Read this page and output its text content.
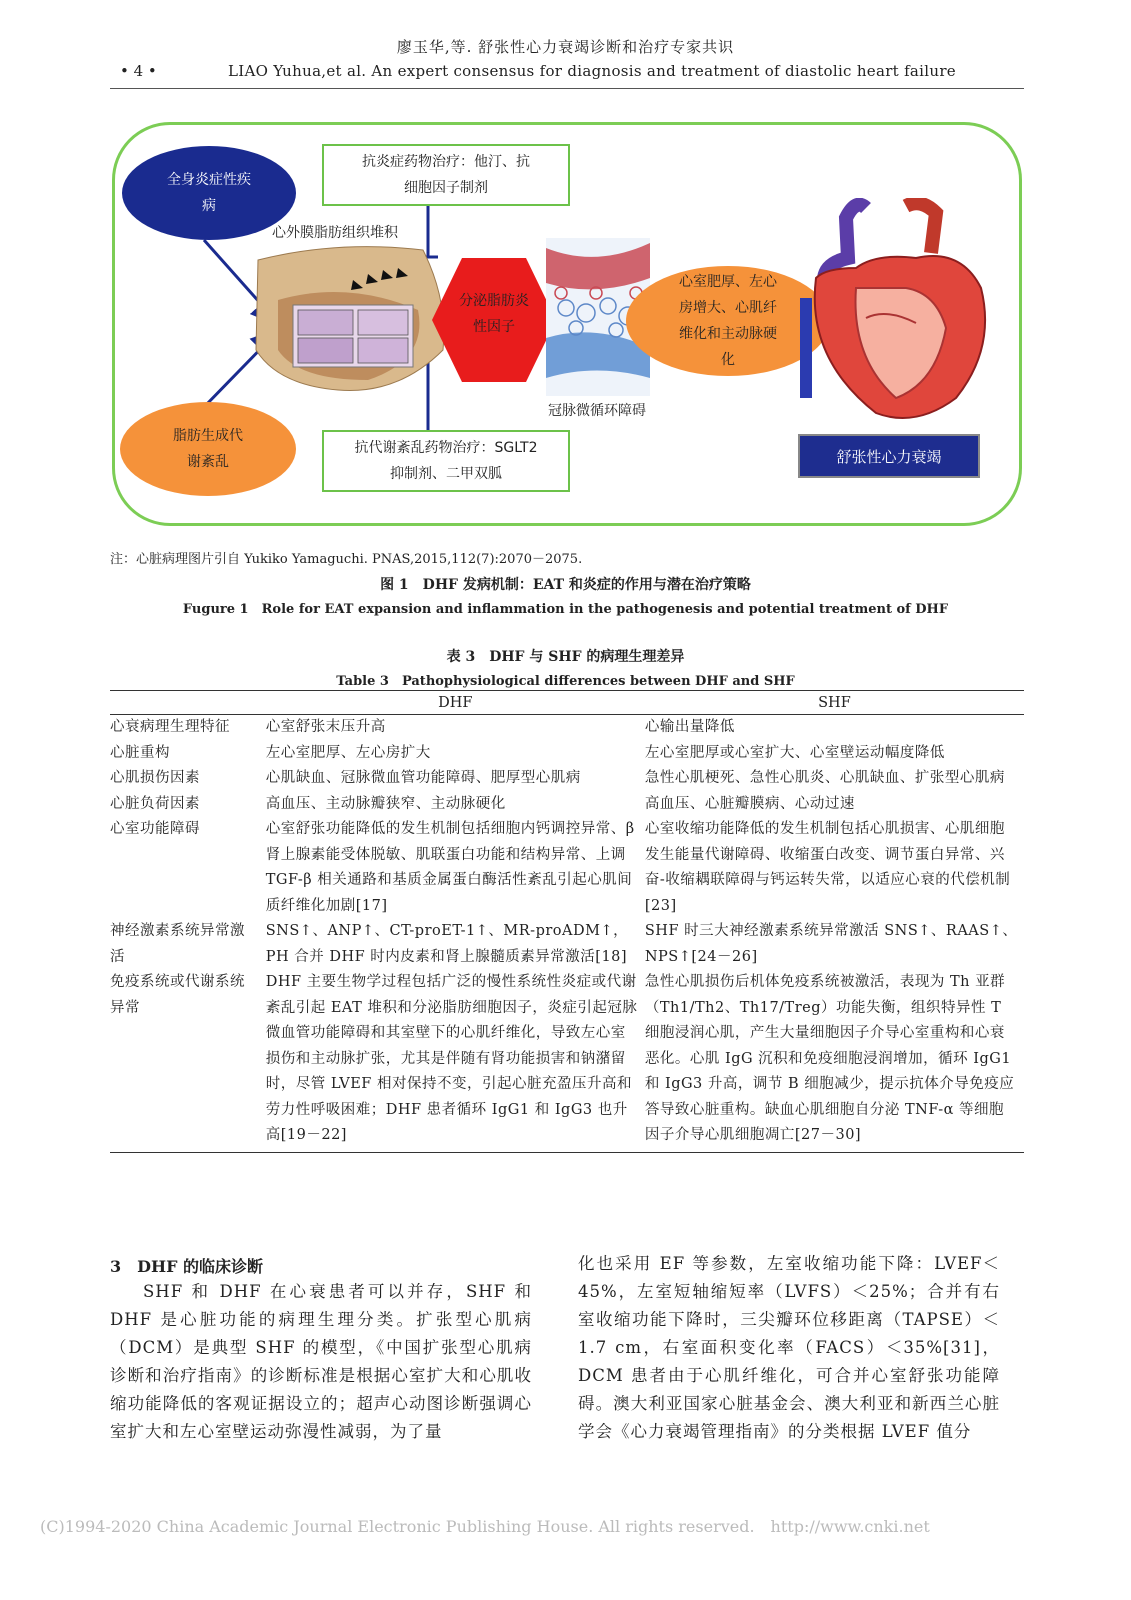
廖玉华,等. 舒张性心力衰竭诊断和治疗专家共识
• 4 •	LIAO Yuhua,et al. An expert consensus for diagnosis and treatment of diastolic heart failure
全身炎症性疾病
脂肪生成代谢紊乱
抗炎症药物治疗：他汀、抗细胞因子制剂
抗代谢紊乱药物治疗：SGLT2 抑制剂、二甲双胍
心外膜脂肪组织堆积
分泌脂肪炎性因子
冠脉微循环障碍
心室肥厚、左心房增大、心肌纤维化和主动脉硬化
舒张性心力衰竭
注：心脏病理图片引自 Yukiko Yamaguchi. PNAS,2015,112(7):2070－2075.
图 1　DHF 发病机制：EAT 和炎症的作用与潜在治疗策略
Fugure 1　Role for EAT expansion and inflammation in the pathogenesis and potential treatment of DHF
表 3　DHF 与 SHF 的病理生理差异
Table 3　Pathophysiological differences between DHF and SHF
	DHF	SHF
心衰病理生理特征	心室舒张末压升高	心输出量降低
心脏重构	左心室肥厚、左心房扩大	左心室肥厚或心室扩大、心室壁运动幅度降低
心肌损伤因素	心肌缺血、冠脉微血管功能障碍、肥厚型心肌病	急性心肌梗死、急性心肌炎、心肌缺血、扩张型心肌病
心脏负荷因素	高血压、主动脉瓣狭窄、主动脉硬化	高血压、心脏瓣膜病、心动过速
心室功能障碍	心室舒张功能降低的发生机制包括细胞内钙调控异常、β 肾上腺素能受体脱敏、肌联蛋白功能和结构异常、上调 TGF-β 相关通路和基质金属蛋白酶活性紊乱引起心肌间质纤维化加剧[17]	心室收缩功能降低的发生机制包括心肌损害、心肌细胞发生能量代谢障碍、收缩蛋白改变、调节蛋白异常、兴奋-收缩耦联障碍与钙运转失常，以适应心衰的代偿机制[23]
神经激素系统异常激活	SNS↑、ANP↑、CT-proET-1↑、MR-proADM↑，PH 合并 DHF 时内皮素和肾上腺髓质素异常激活[18]	SHF 时三大神经激素系统异常激活 SNS↑、RAAS↑、NPS↑[24－26]
免疫系统或代谢系统异常	DHF 主要生物学过程包括广泛的慢性系统性炎症或代谢紊乱引起 EAT 堆积和分泌脂肪细胞因子，炎症引起冠脉微血管功能障碍和其室壁下的心肌纤维化，导致左心室损伤和主动脉扩张，尤其是伴随有肾功能损害和钠潴留时，尽管 LVEF 相对保持不变，引起心脏充盈压升高和劳力性呼吸困难；DHF 患者循环 IgG1 和 IgG3 也升高[19－22]	急性心肌损伤后机体免疫系统被激活，表现为 Th 亚群（Th1/Th2、Th17/Treg）功能失衡，组织特异性 T 细胞浸润心肌，产生大量细胞因子介导心室重构和心衰恶化。心肌 IgG 沉积和免疫细胞浸润增加，循环 IgG1 和 IgG3 升高，调节 B 细胞减少，提示抗体介导免疫应答导致心脏重构。缺血心肌细胞自分泌 TNF-α 等细胞因子介导心肌细胞凋亡[27－30]
3　DHF 的临床诊断
SHF 和 DHF 在心衰患者可以并存，SHF 和 DHF 是心脏功能的病理生理分类。扩张型心肌病（DCM）是典型 SHF 的模型，《中国扩张型心肌病诊断和治疗指南》的诊断标准是根据心室扩大和心肌收缩功能降低的客观证据设立的；超声心动图诊断强调心室扩大和左心室壁运动弥漫性减弱，为了量
化也采用 EF 等参数，左室收缩功能下降：LVEF＜45%，左室短轴缩短率（LVFS）＜25%；合并有右室收缩功能下降时，三尖瓣环位移距离（TAPSE）＜1.7 cm，右室面积变化率（FACS）＜35%[31]，DCM 患者由于心肌纤维化，可合并心室舒张功能障碍。澳大利亚国家心脏基金会、澳大利亚和新西兰心脏学会《心力衰竭管理指南》的分类根据 LVEF 值分
(C)1994-2020 China Academic Journal Electronic Publishing House. All rights reserved.　http://www.cnki.net
